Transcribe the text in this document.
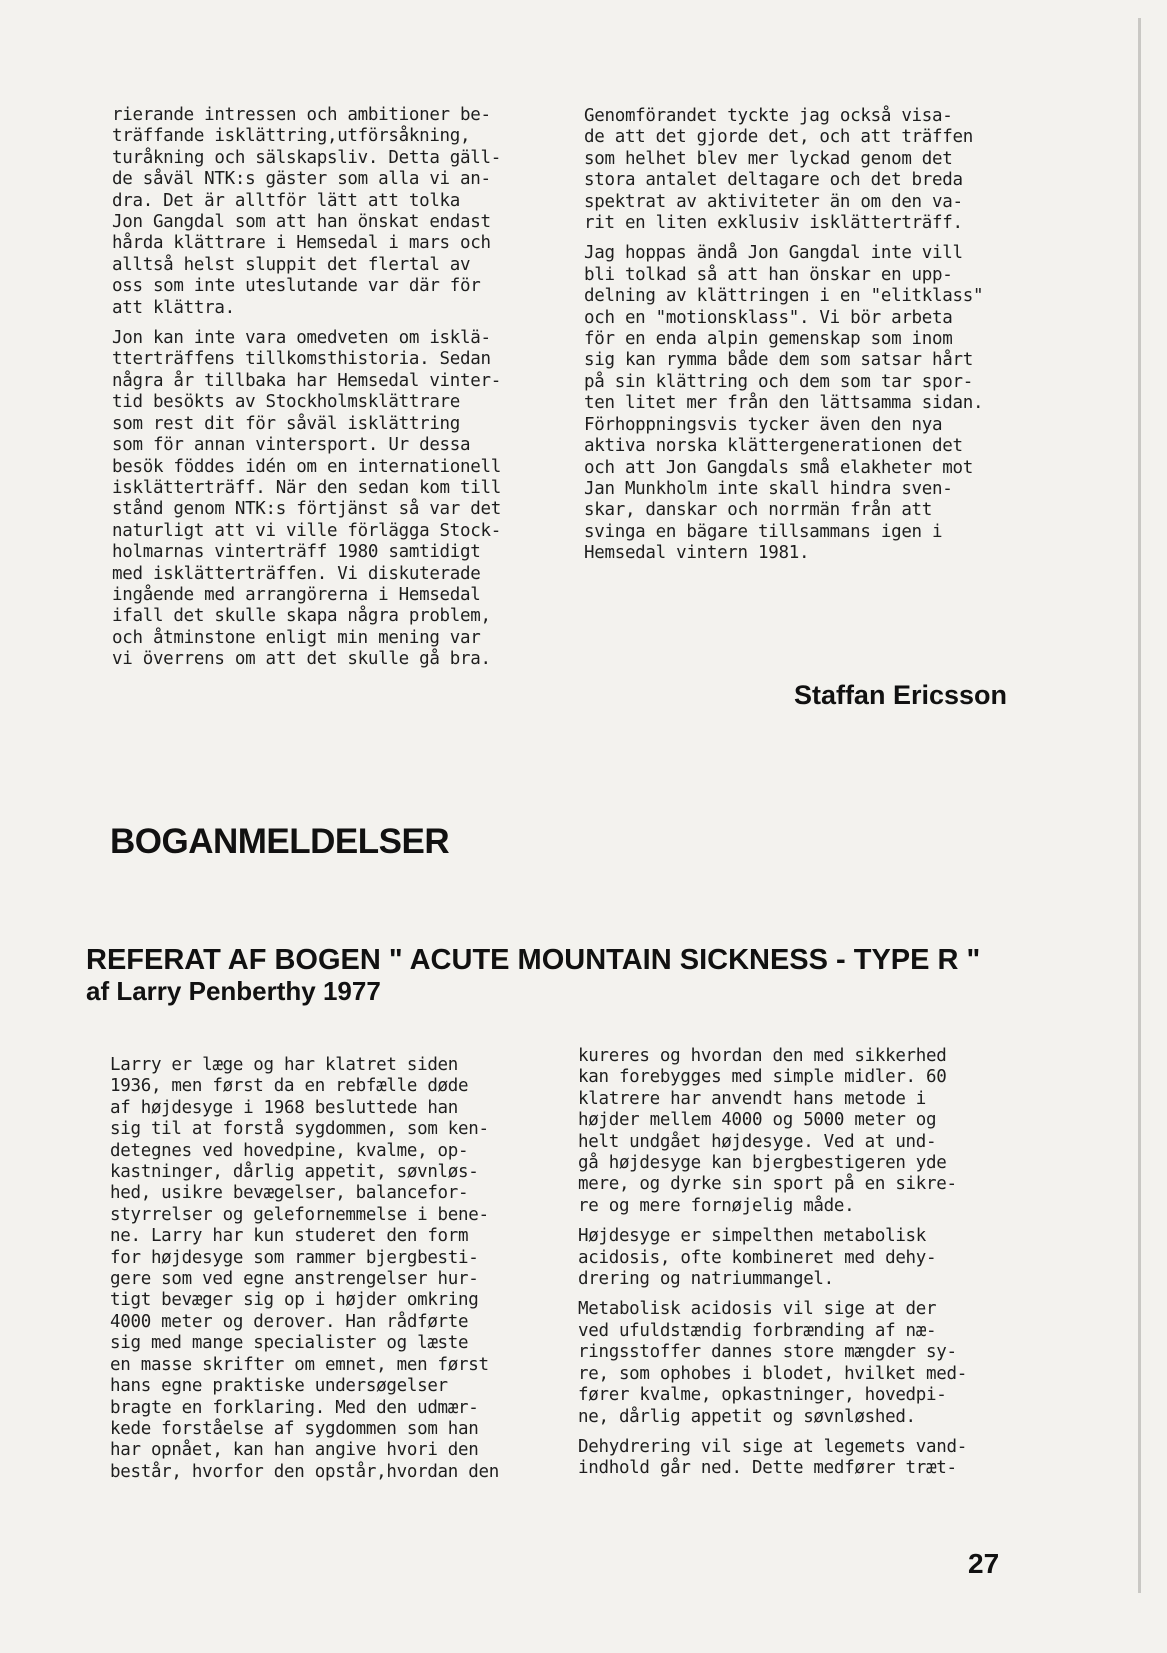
rierande intressen och ambitioner be-
träffande isklättring,utförsåkning,
turåkning och sälskapsliv. Detta gäll-
de såväl NTK:s gäster som alla vi an-
dra. Det är alltför lätt att tolka
Jon Gangdal som att han önskat endast
hårda klättrare i Hemsedal i mars och
alltså helst sluppit det flertal av
oss som inte uteslutande var där för
att klättra.

Jon kan inte vara omedveten om isklä-
tterträffens tillkomsthistoria. Sedan
några år tillbaka har Hemsedal vinter-
tid besökts av Stockholmsklättrare
som rest dit för såväl isklättring
som för annan vintersport. Ur dessa
besök föddes idén om en internationell
isklätterträff. När den sedan kom till
stånd genom NTK:s förtjänst så var det
naturligt att vi ville förlägga Stock-
holmarnas vinterträff 1980 samtidigt
med isklätterträffen. Vi diskuterade
ingående med arrangörerna i Hemsedal
ifall det skulle skapa några problem,
och åtminstone enligt min mening var
vi överrens om att det skulle gå bra.

Genomförandet tyckte jag också visa-
de att det gjorde det, och att träffen
som helhet blev mer lyckad genom det
stora antalet deltagare och det breda
spektrat av aktiviteter än om den va-
rit en liten exklusiv isklätterträff.

Jag hoppas ändå Jon Gangdal inte vill
bli tolkad så att han önskar en upp-
delning av klättringen i en "elitklass"
och en "motionsklass". Vi bör arbeta
för en enda alpin gemenskap som inom
sig kan rymma både dem som satsar hårt
på sin klättring och dem som tar spor-
ten litet mer från den lättsamma sidan.
Förhoppningsvis tycker även den nya
aktiva norska klättergenerationen det
och att Jon Gangdals små elakheter mot
Jan Munkholm inte skall hindra sven-
skar, danskar och norrmän från att
svinga en bägare tillsammans igen i
Hemsedal vintern 1981.

Staffan Ericsson
BOGANMELDELSER
REFERAT AF BOGEN " ACUTE MOUNTAIN SICKNESS - TYPE R "
af Larry Penberthy 1977

Larry er læge og har klatret siden
1936, men først da en rebfælle døde
af højdesyge i 1968 besluttede han
sig til at forstå sygdommen, som ken-
detegnes ved hovedpine, kvalme, op-
kastninger, dårlig appetit, søvnløs-
hed, usikre bevægelser, balancefor-
styrrelser og gelefornemmelse i bene-
ne. Larry har kun studeret den form
for højdesyge som rammer bjergbesti-
gere som ved egne anstrengelser hur-
tigt bevæger sig op i højder omkring
4000 meter og derover. Han rådførte
sig med mange specialister og læste
en masse skrifter om emnet, men først
hans egne praktiske undersøgelser
bragte en forklaring. Med den udmær-
kede forståelse af sygdommen som han
har opnået, kan han angive hvori den
består, hvorfor den opstår,hvordan den

kureres og hvordan den med sikkerhed
kan forebygges med simple midler. 60
klatrere har anvendt hans metode i
højder mellem 4000 og 5000 meter og
helt undgået højdesyge. Ved at und-
gå højdesyge kan bjergbestigeren yde
mere, og dyrke sin sport på en sikre-
re og mere fornøjelig måde.

Højdesyge er simpelthen metabolisk
acidosis, ofte kombineret med dehy-
drering og natriummangel.

Metabolisk acidosis vil sige at der
ved ufuldstændig forbrænding af næ-
ringsstoffer dannes store mængder sy-
re, som ophobes i blodet, hvilket med-
fører kvalme, opkastninger, hovedpi-
ne, dårlig appetit og søvnløshed.

Dehydrering vil sige at legemets vand-
indhold går ned. Dette medfører træt-

27
